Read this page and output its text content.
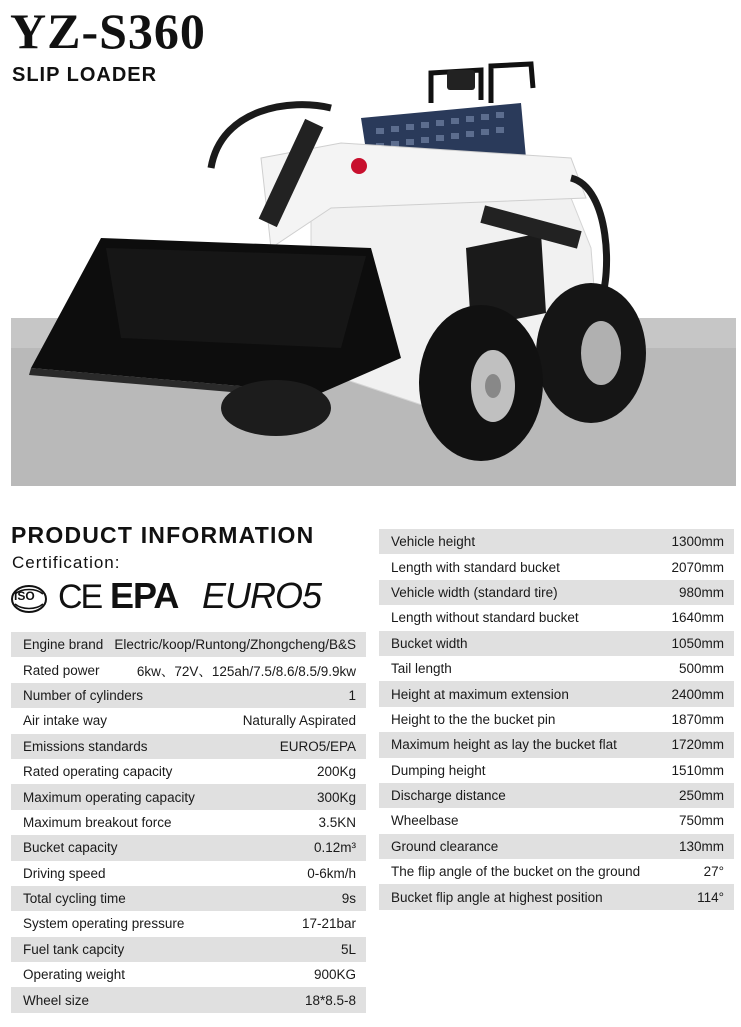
YZ-S360
SLIP LOADER
PRODUCT INFORMATION
Certification:
ISO CE EPA EURO5
Engine brand Electric/koop/Runtong/Zhongcheng/B&S
Rated power	6kw、72V、125ah/7.5/8.6/8.5/9.9kw
Number of cylinders	1
Air intake way	Naturally Aspirated
Emissions standards	EURO5/EPA
Rated operating capacity	200Kg
Maximum operating capacity	300Kg
Maximum breakout force	3.5KN
Bucket capacity	0.12m³
Driving speed	0-6km/h
Total cycling time	9s
System operating pressure	17-21bar
Fuel tank capcity	5L
Operating weight	900KG
Wheel size	18*8.5-8
Vehicle height	1300mm
Length with standard bucket	2070mm
Vehicle width (standard tire)	980mm
Length without standard bucket	1640mm
Bucket width	1050mm
Tail length	500mm
Height at maximum extension	2400mm
Height to the the bucket pin	1870mm
Maximum height as lay the bucket flat	1720mm
Dumping height	1510mm
Discharge distance	250mm
Wheelbase	750mm
Ground clearance	130mm
The flip angle of the bucket on the ground	27°
Bucket flip angle at highest position	114°
